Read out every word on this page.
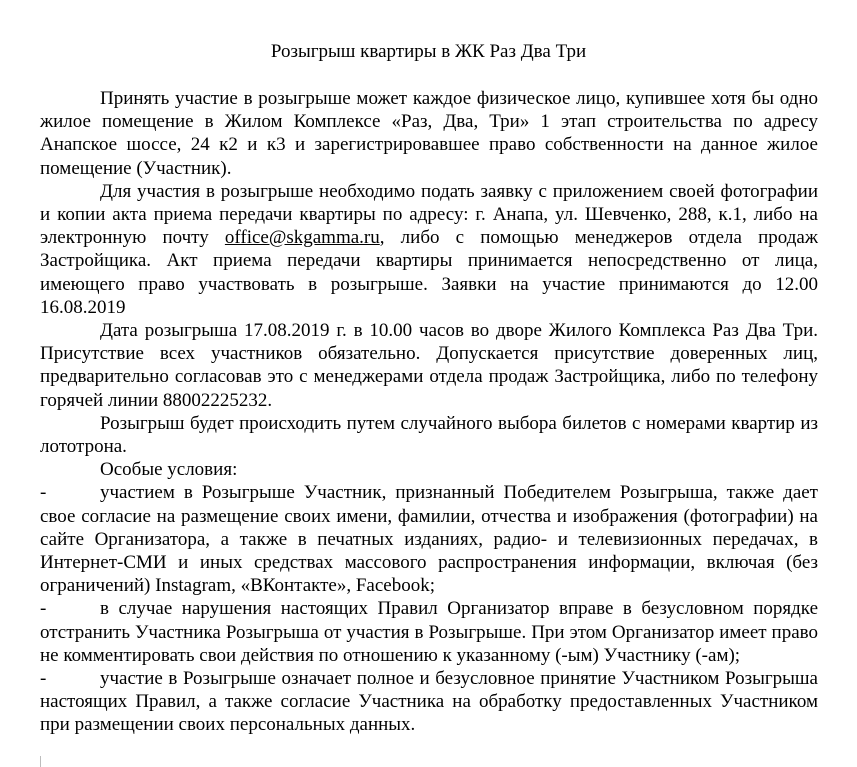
Розыгрыш квартиры в ЖК Раз Два Три

Принять участие в розыгрыше может каждое физическое лицо, купившее хотя бы одно жилое помещение в Жилом Комплексе «Раз, Два, Три» 1 этап строительства по адресу Анапское шоссе, 24 к2 и к3 и зарегистрировавшее право собственности на данное жилое помещение (Участник).

Для участия в розыгрыше необходимо подать заявку с приложением своей фотографии и копии акта приема передачи квартиры по адресу: г. Анапа, ул. Шевченко, 288, к.1, либо на электронную почту office@skgamma.ru, либо с помощью менеджеров отдела продаж Застройщика. Акт приема передачи квартиры принимается непосредственно от лица, имеющего право участвовать в розыгрыше. Заявки на участие принимаются до 12.00 16.08.2019

Дата розыгрыша 17.08.2019 г. в 10.00 часов во дворе Жилого Комплекса Раз Два Три. Присутствие всех участников обязательно. Допускается присутствие доверенных лиц, предварительно согласовав это с менеджерами отдела продаж Застройщика, либо по телефону горячей линии 88002225232.

Розыгрыш будет происходить путем случайного выбора билетов с номерами квартир из лототрона.

Особые условия:

-	участием в Розыгрыше Участник, признанный Победителем Розыгрыша, также дает свое согласие на размещение своих имени, фамилии, отчества и изображения (фотографии) на сайте Организатора, а также в печатных изданиях, радио- и телевизионных передачах, в Интернет-СМИ и иных средствах массового распространения информации, включая (без ограничений) Instagram, «ВКонтакте», Facebook;

-	в случае нарушения настоящих Правил Организатор вправе в безусловном порядке отстранить Участника Розыгрыша от участия в Розыгрыше. При этом Организатор имеет право не комментировать свои действия по отношению к указанному (-ым) Участнику (-ам);

-	участие в Розыгрыше означает полное и безусловное принятие Участником Розыгрыша настоящих Правил, а также согласие Участника на обработку предоставленных Участником при размещении своих персональных данных.
